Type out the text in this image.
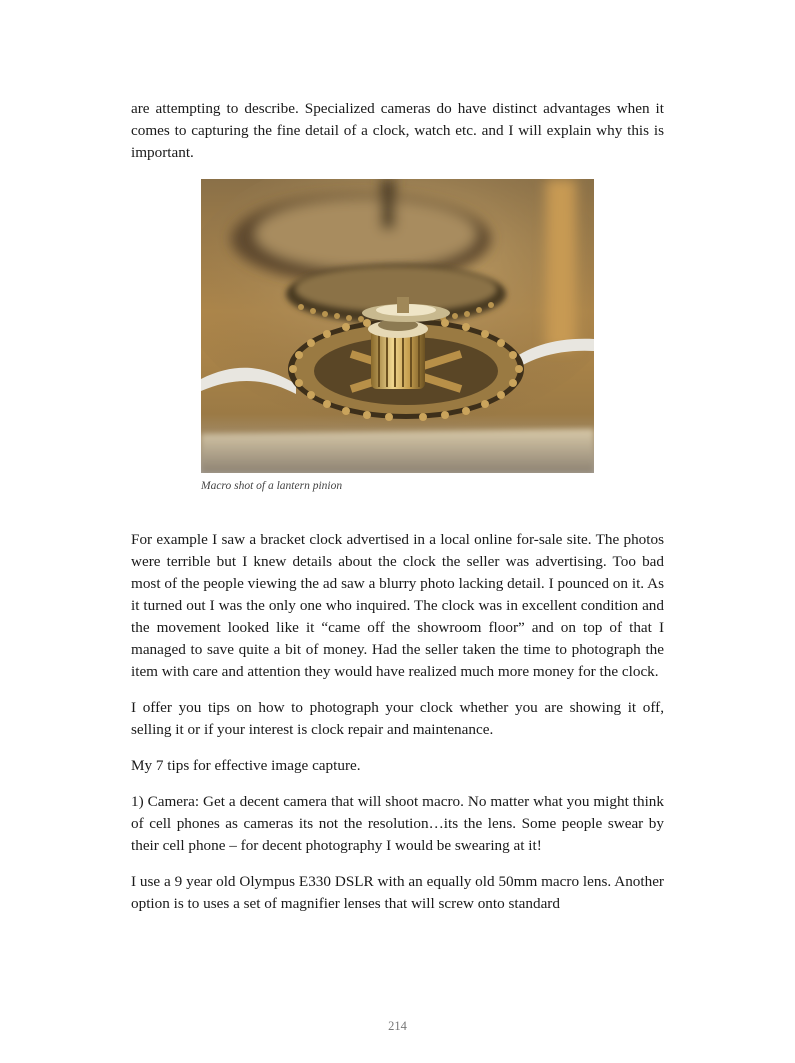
are attempting to describe. Specialized cameras do have distinct advantages when it comes to capturing the fine detail of a clock, watch etc. and I will explain why this is important.

Macro shot of a lantern pinion

For example I saw a bracket clock advertised in a local online for-sale site. The photos were terrible but I knew details about the clock the seller was advertising. Too bad most of the people viewing the ad saw a blurry photo lacking detail. I pounced on it. As it turned out I was the only one who inquired. The clock was in excellent condition and the movement looked like it “came off the showroom floor” and on top of that I managed to save quite a bit of money. Had the seller taken the time to photograph the item with care and attention they would have realized much more money for the clock.

I offer you tips on how to photograph your clock whether you are showing it off, selling it or if your interest is clock repair and maintenance.

My 7 tips for effective image capture.

1) Camera: Get a decent camera that will shoot macro. No matter what you might think of cell phones as cameras its not the resolution…its the lens. Some people swear by their cell phone – for decent photography I would be swearing at it!

I use a 9 year old Olympus E330 DSLR with an equally old 50mm macro lens. Another option is to uses a set of magnifier lenses that will screw onto standard

214
